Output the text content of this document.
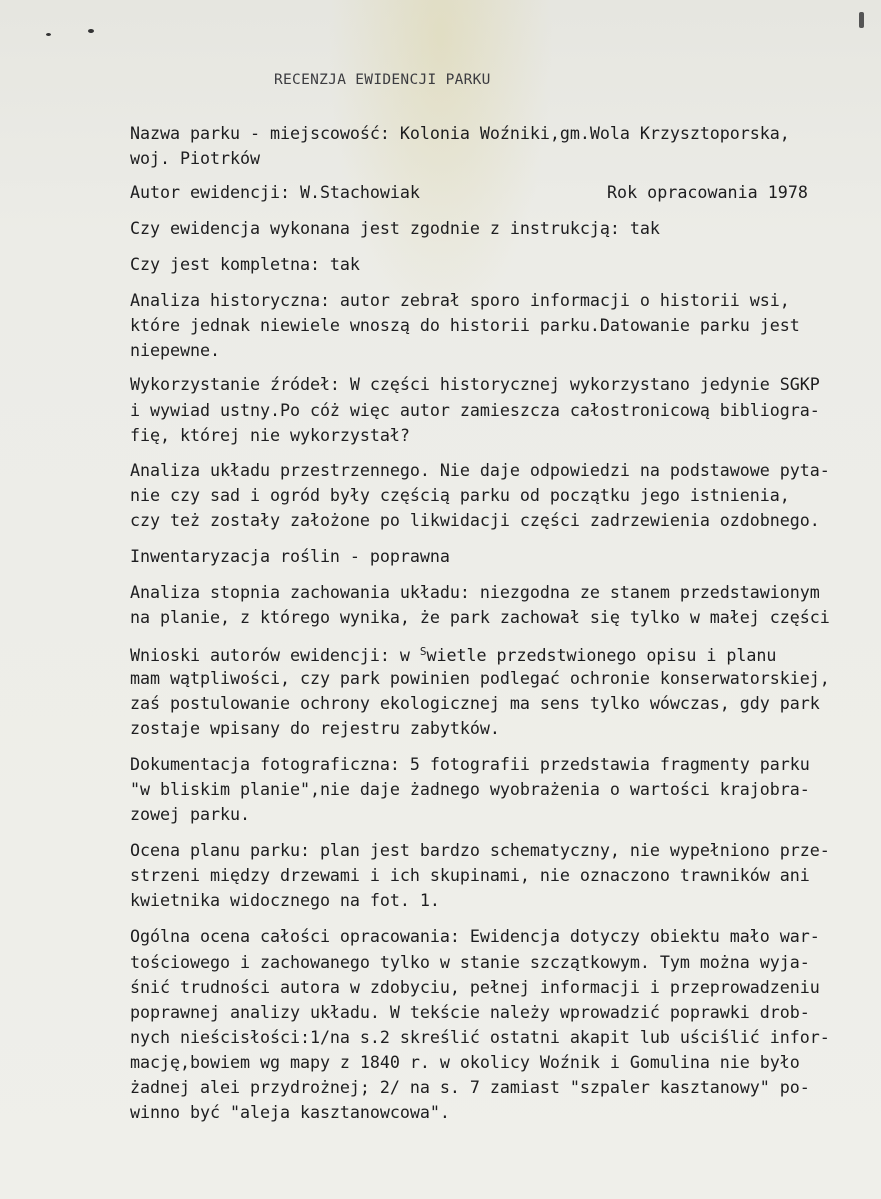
RECENZJA EWIDENCJI PARKU
Nazwa parku - miejscowość: Kolonia Woźniki,gm.Wola Krzysztoporska,
woj. Piotrków
Autor ewidencji: W.Stachowiak	Rok opracowania 1978
Czy ewidencja wykonana jest zgodnie z instrukcją: tak
Czy jest kompletna: tak
Analiza historyczna: autor zebrał sporo informacji o historii wsi,
które jednak niewiele wnoszą do historii parku.Datowanie parku jest
niepewne.
Wykorzystanie źródeł: W części historycznej wykorzystano jedynie SGKP
i wywiad ustny.Po cóż więc autor zamieszcza całostronicową bibliogra-
fię, której nie wykorzystał?
Analiza układu przestrzennego. Nie daje odpowiedzi na podstawowe pyta-
nie czy sad i ogród były częścią parku od początku jego istnienia,
czy też zostały założone po likwidacji części zadrzewienia ozdobnego.
Inwentaryzacja roślin - poprawna
Analiza stopnia zachowania układu: niezgodna ze stanem przedstawionym
na planie, z którego wynika, że park zachował się tylko w małej części
Wnioski autorów ewidencji: w $^S$wietle przedstwionego opisu i planu
mam wątpliwości, czy park powinien podlegać ochronie konserwatorskiej,
zaś postulowanie ochrony ekologicznej ma sens tylko wówczas, gdy park
zostaje wpisany do rejestru zabytków.
Dokumentacja fotograficzna: 5 fotografii przedstawia fragmenty parku
"w bliskim planie",nie daje żadnego wyobrażenia o wartości krajobra-
zowej parku.
Ocena planu parku: plan jest bardzo schematyczny, nie wypełniono prze-
strzeni między drzewami i ich skupinami, nie oznaczono trawników ani
kwietnika widocznego na fot. 1.
Ogólna ocena całości opracowania: Ewidencja dotyczy obiektu mało war-
tościowego i zachowanego tylko w stanie szczątkowym. Tym można wyja-
śnić trudności autora w zdobyciu, pełnej informacji i przeprowadzeniu
poprawnej analizy układu. W tekście należy wprowadzić poprawki drob-
nych nieścisłości:1/na s.2 skreślić ostatni akapit lub uściślić infor-
mację,bowiem wg mapy z 1840 r. w okolicy Woźnik i Gomulina nie było
żadnej alei przydrożnej; 2/ na s. 7 zamiast "szpaler kasztanowy" po-
winno być "aleja kasztanowcowa".
